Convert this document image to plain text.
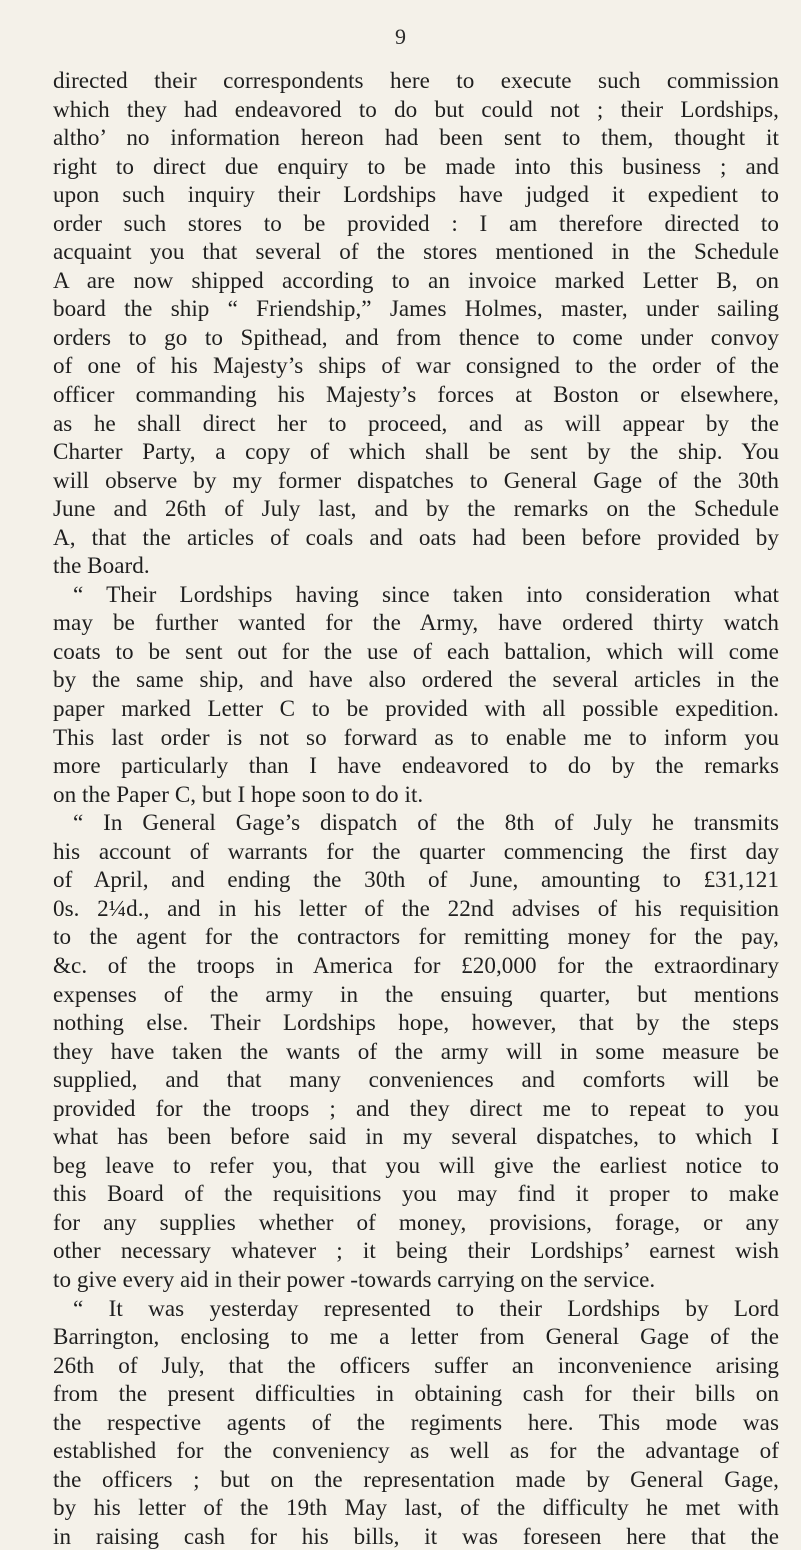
9
directed their correspondents here to execute such commission
which they had endeavored to do but could not ; their Lordships,
altho’ no information hereon had been sent to them, thought it
right to direct due enquiry to be made into this business ; and
upon such inquiry their Lordships have judged it expedient to
order such stores to be provided : I am therefore directed to
acquaint you that several of the stores mentioned in the Schedule
A are now shipped according to an invoice marked Letter B, on
board the ship “ Friendship,” James Holmes, master, under sailing
orders to go to Spithead, and from thence to come under convoy
of one of his Majesty’s ships of war consigned to the order of the
officer commanding his Majesty’s forces at Boston or elsewhere,
as he shall direct her to proceed, and as will appear by the
Charter Party, a copy of which shall be sent by the ship. You
will observe by my former dispatches to General Gage of the 30th
June and 26th of July last, and by the remarks on the Schedule
A, that the articles of coals and oats had been before provided by
the Board.
“ Their Lordships having since taken into consideration what
may be further wanted for the Army, have ordered thirty watch
coats to be sent out for the use of each battalion, which will come
by the same ship, and have also ordered the several articles in the
paper marked Letter C to be provided with all possible expedition.
This last order is not so forward as to enable me to inform you
more particularly than I have endeavored to do by the remarks
on the Paper C, but I hope soon to do it.
“ In General Gage’s dispatch of the 8th of July he transmits
his account of warrants for the quarter commencing the first day
of April, and ending the 30th of June, amounting to £31,121
0s. 2¼d., and in his letter of the 22nd advises of his requisition
to the agent for the contractors for remitting money for the pay,
&c. of the troops in America for £20,000 for the extraordinary
expenses of the army in the ensuing quarter, but mentions
nothing else. Their Lordships hope, however, that by the steps
they have taken the wants of the army will in some measure be
supplied, and that many conveniences and comforts will be
provided for the troops ; and they direct me to repeat to you
what has been before said in my several dispatches, to which I
beg leave to refer you, that you will give the earliest notice to
this Board of the requisitions you may find it proper to make
for any supplies whether of money, provisions, forage, or any
other necessary whatever ; it being their Lordships’ earnest wish
to give every aid in their power -towards carrying on the service.
“ It was yesterday represented to their Lordships by Lord
Barrington, enclosing to me a letter from General Gage of the
26th of July, that the officers suffer an inconvenience arising
from the present difficulties in obtaining cash for their bills on
the respective agents of the regiments here. This mode was
established for the conveniency as well as for the advantage of
the officers ; but on the representation made by General Gage,
by his letter of the 19th May last, of the difficulty he met with
in raising cash for his bills, it was foreseen here that the
